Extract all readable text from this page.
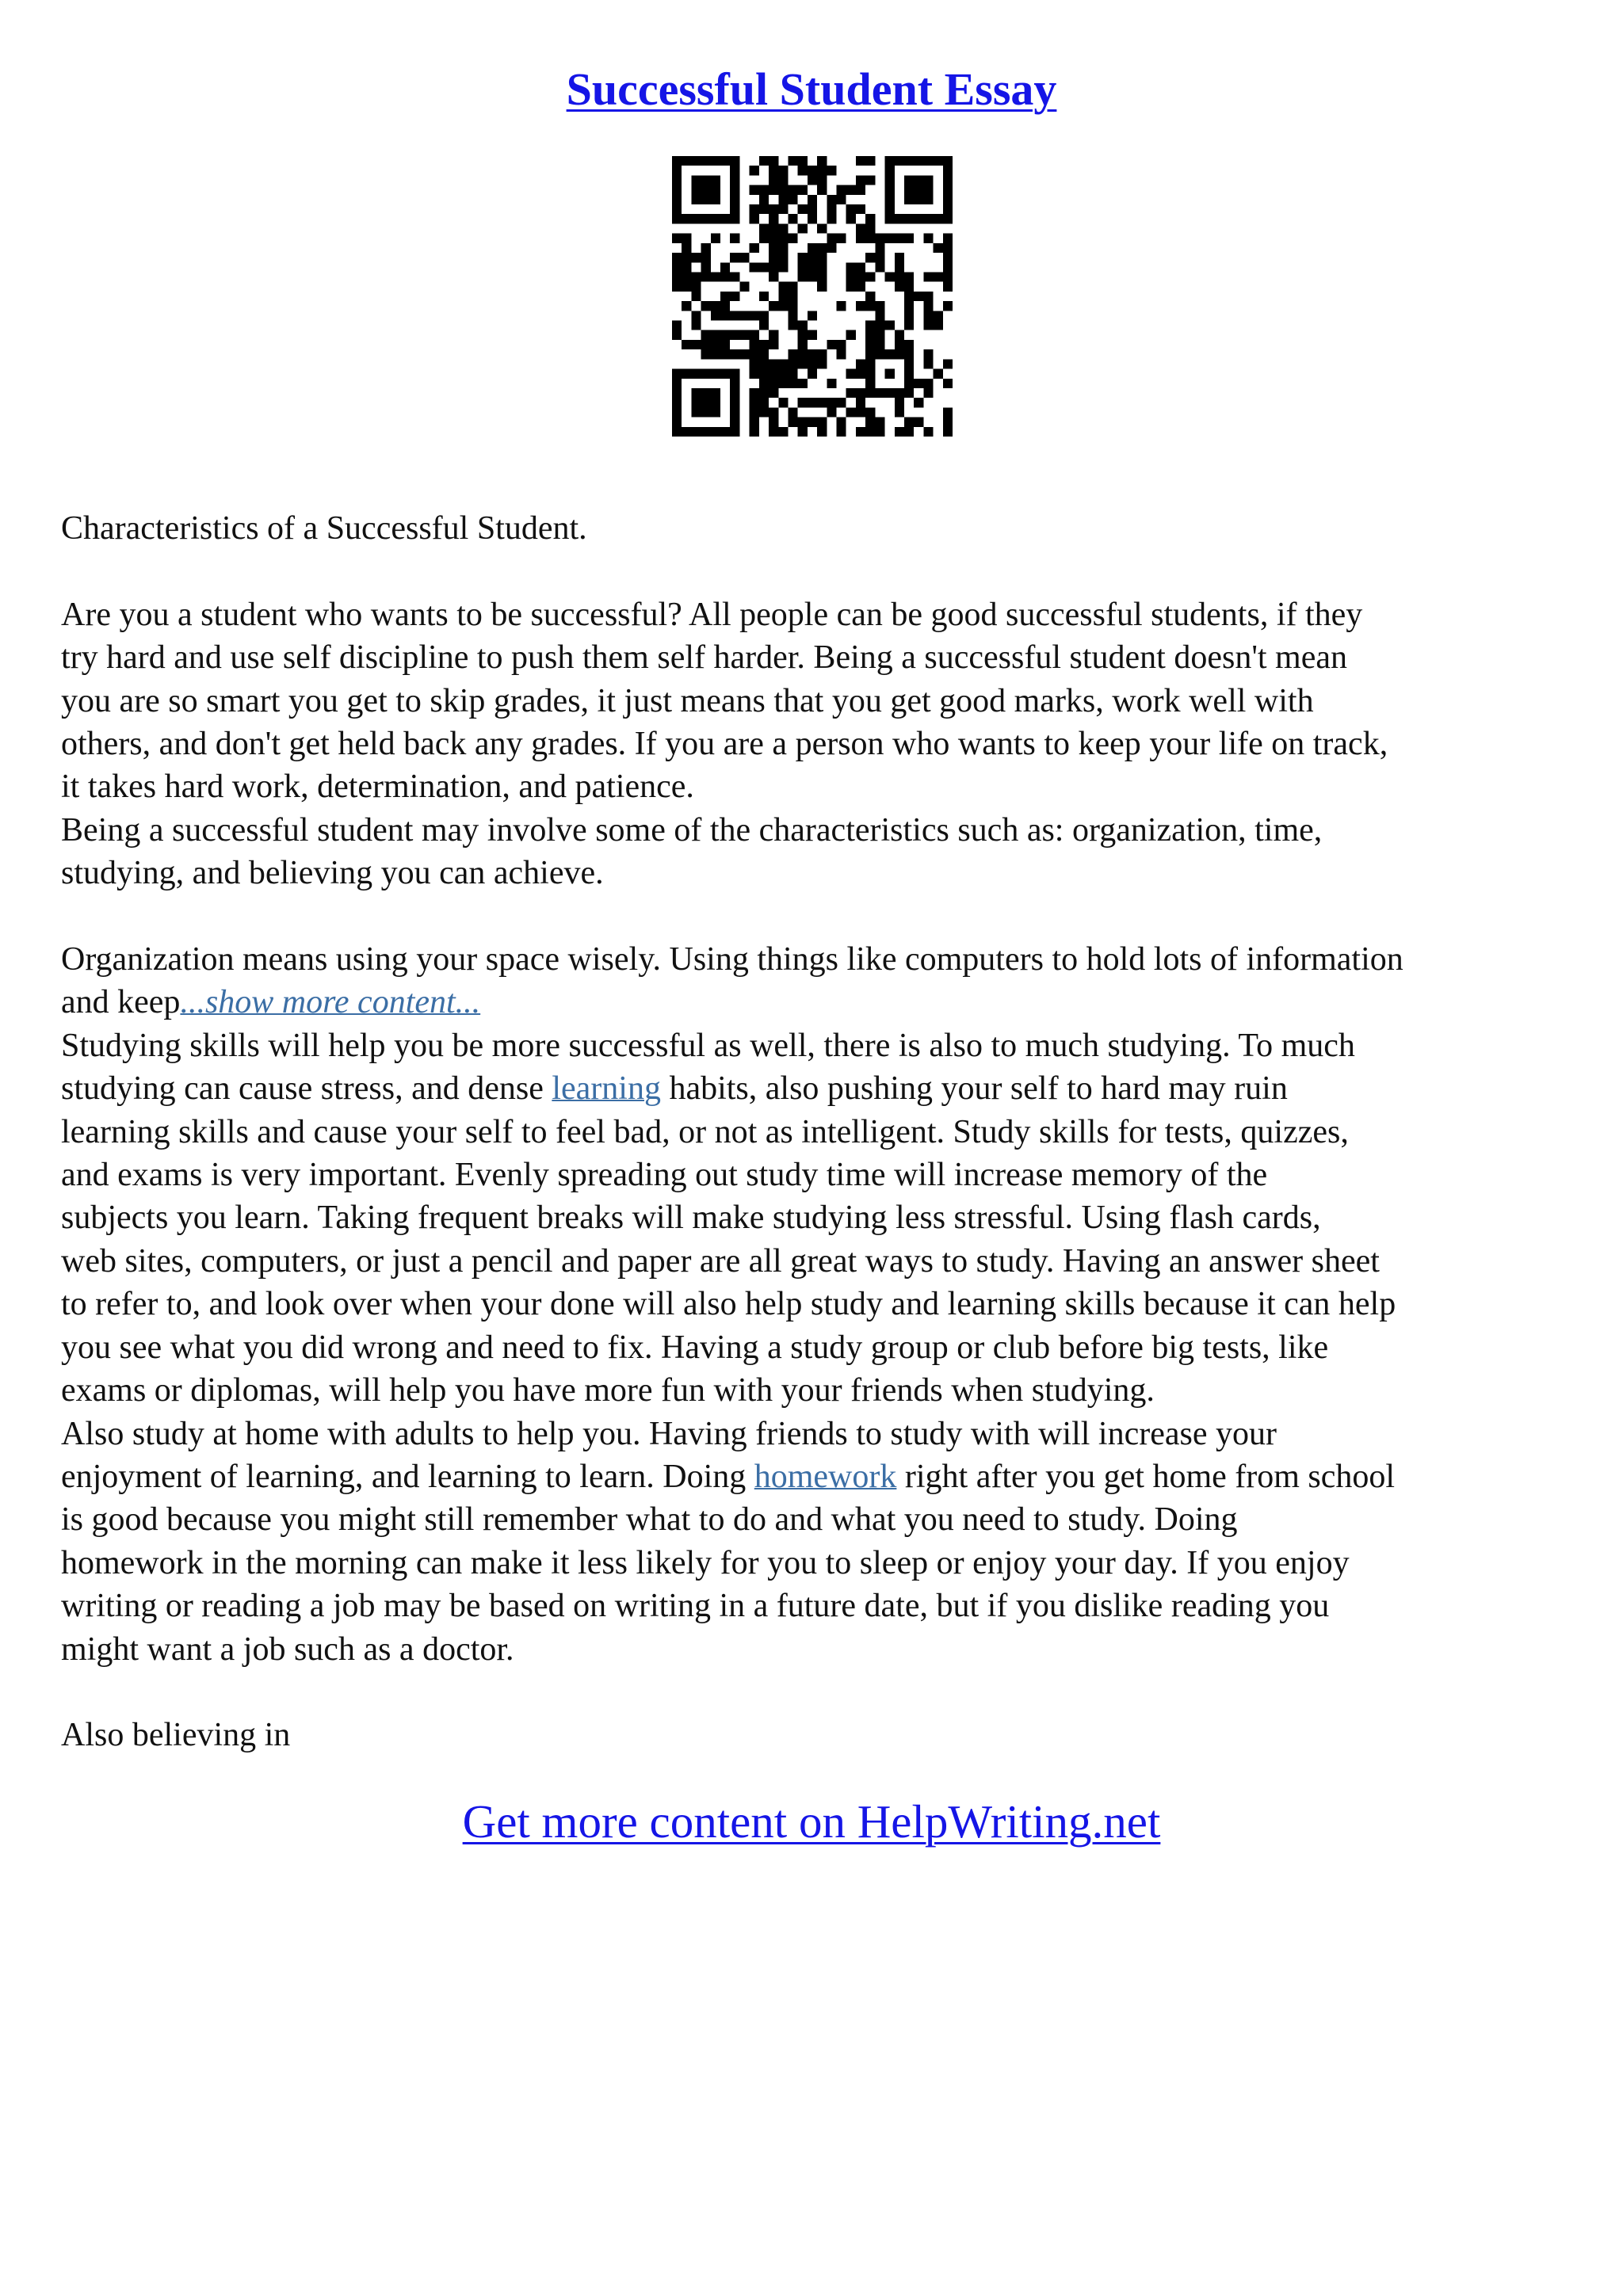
Successful Student Essay

Characteristics of a Successful Student.

Are you a student who wants to be successful? All people can be good successful students, if they

try hard and use self discipline to push them self harder. Being a successful student doesn't mean

you are so smart you get to skip grades, it just means that you get good marks, work well with

others, and don't get held back any grades. If you are a person who wants to keep your life on track,

it takes hard work, determination, and patience.

Being a successful student may involve some of the characteristics such as: organization, time,

studying, and believing you can achieve.

Organization means using your space wisely. Using things like computers to hold lots of information

and keep...show more content...

Studying skills will help you be more successful as well, there is also to much studying. To much

studying can cause stress, and dense learning habits, also pushing your self to hard may ruin

learning skills and cause your self to feel bad, or not as intelligent. Study skills for tests, quizzes,

and exams is very important. Evenly spreading out study time will increase memory of the

subjects you learn. Taking frequent breaks will make studying less stressful. Using flash cards,

web sites, computers, or just a pencil and paper are all great ways to study. Having an answer sheet

to refer to, and look over when your done will also help study and learning skills because it can help

you see what you did wrong and need to fix. Having a study group or club before big tests, like

exams or diplomas, will help you have more fun with your friends when studying.

Also study at home with adults to help you. Having friends to study with will increase your

enjoyment of learning, and learning to learn. Doing homework right after you get home from school

is good because you might still remember what to do and what you need to study. Doing

homework in the morning can make it less likely for you to sleep or enjoy your day. If you enjoy

writing or reading a job may be based on writing in a future date, but if you dislike reading you

might want a job such as a doctor.

Also believing in

Get more content on HelpWriting.net
